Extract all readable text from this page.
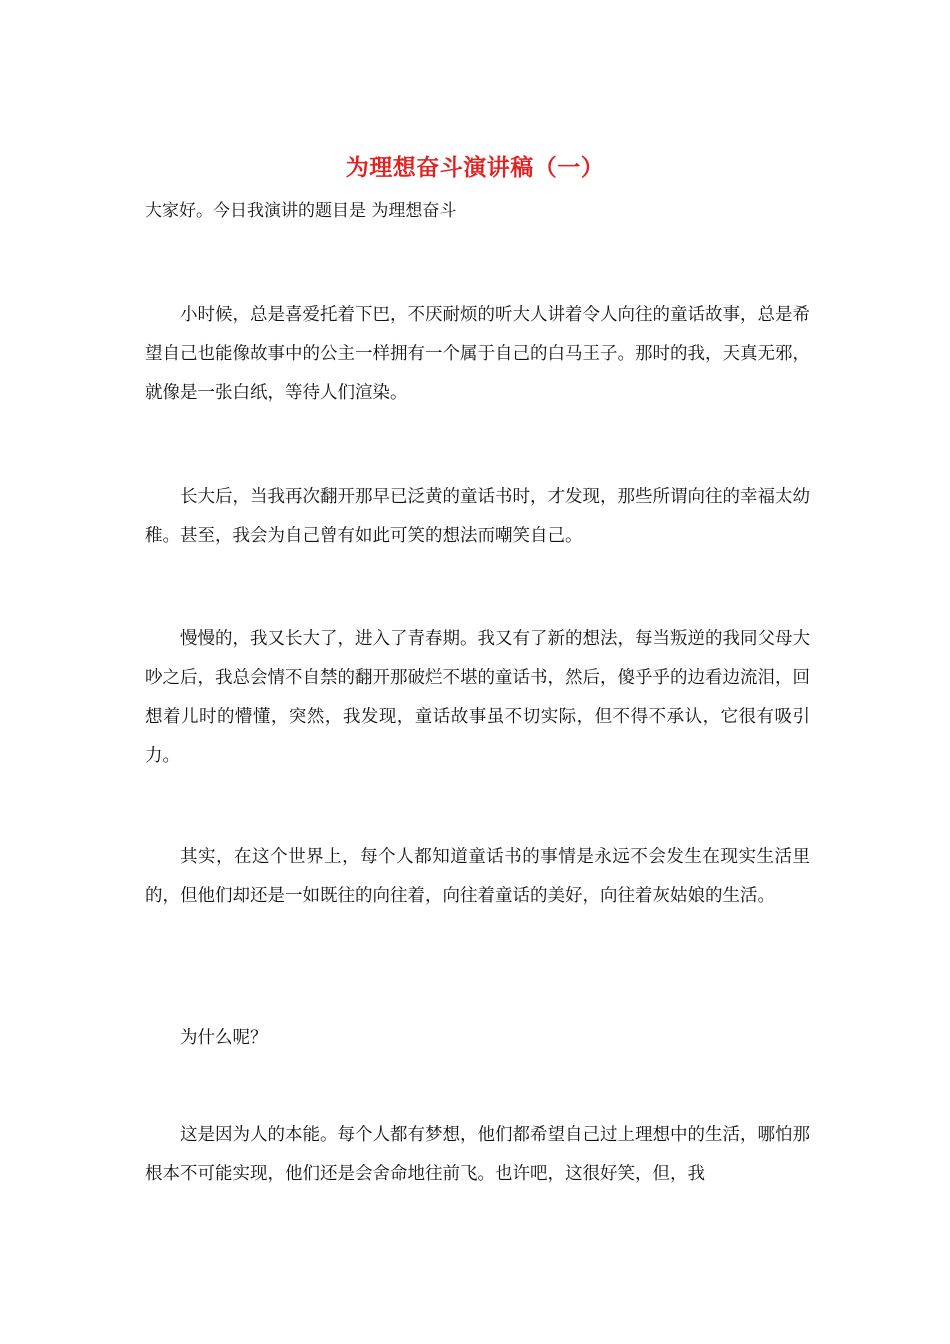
为理想奋斗演讲稿（一）
大家好。今日我演讲的题目是 为理想奋斗

小时候，总是喜爱托着下巴，不厌耐烦的听大人讲着令人向往的童话故事，总是希望自己也能像故事中的公主一样拥有一个属于自己的白马王子。那时的我，天真无邪，就像是一张白纸，等待人们渲染。

长大后，当我再次翻开那早已泛黄的童话书时，才发现，那些所谓向往的幸福太幼稚。甚至，我会为自己曾有如此可笑的想法而嘲笑自己。

慢慢的，我又长大了，进入了青春期。我又有了新的想法，每当叛逆的我同父母大吵之后，我总会情不自禁的翻开那破烂不堪的童话书，然后，傻乎乎的边看边流泪，回想着儿时的懵懂，突然，我发现，童话故事虽不切实际，但不得不承认，它很有吸引力。

其实，在这个世界上，每个人都知道童话书的事情是永远不会发生在现实生活里的，但他们却还是一如既往的向往着，向往着童话的美好，向往着灰姑娘的生活。

为什么呢？

这是因为人的本能。每个人都有梦想，他们都希望自己过上理想中的生活，哪怕那根本不可能实现，他们还是会舍命地往前飞。也许吧，这很好笑，但，我
